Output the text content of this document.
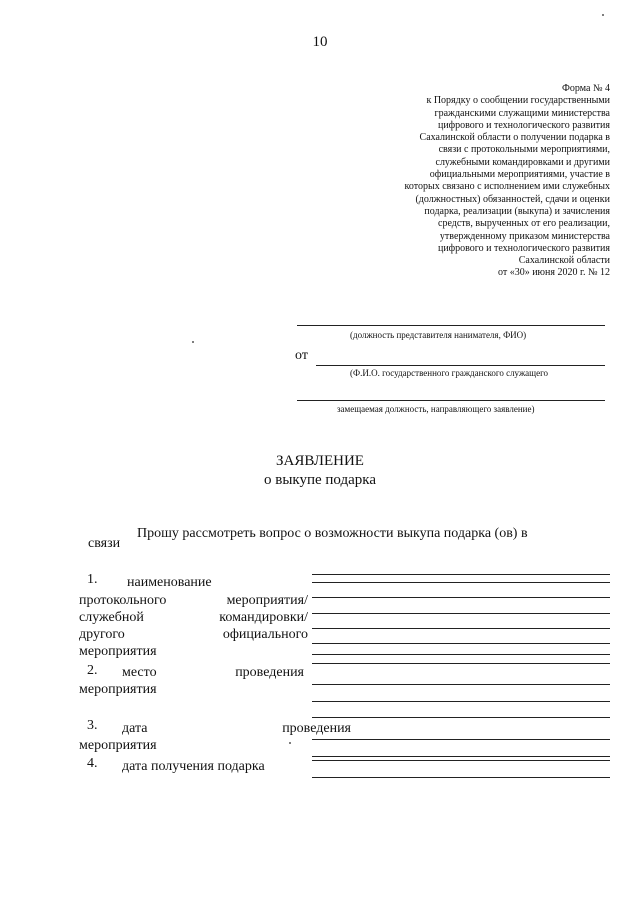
10
Форма № 4
к Порядку о сообщении государственными
гражданскими служащими министерства
цифрового и технологического развития
Сахалинской области о получении подарка в
связи с протокольными мероприятиями,
служебными командировками и другими
официальными мероприятиями, участие в
которых связано с исполнением ими служебных
(должностных) обязанностей, сдачи и оценки
подарка, реализации (выкупа) и зачисления
средств, вырученных от его реализации,
утвержденному приказом министерства
цифрового и технологического развития
Сахалинской области
от «30» июня 2020 г. № 12
(должность представителя нанимателя, ФИО)
от
(Ф.И.О. государственного гражданского служащего
замещаемая должность, направляющего заявление)
ЗАЯВЛЕНИЕ
о выкупе подарка
Прошу рассмотреть вопрос о возможности выкупа подарка (ов) в
связи
1. наименование
протокольного	мероприятия/
служебной	командировки/
другого	официального
мероприятия
2. место	проведения
мероприятия
3. дата	проведения
мероприятия
4. дата получения подарка
